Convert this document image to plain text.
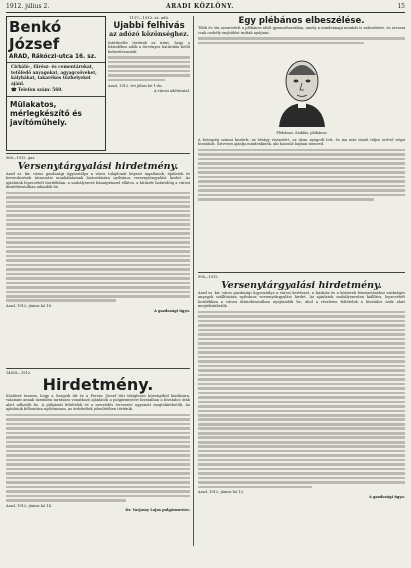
1912. július 2.	ARADI KÖZLÖNY.	15
Benkó József
ARAD, Rákóczi-utca 16. sz.
Cirkáló-, fűrész- és cementárukat, tetőfedő anyagokat, agyagcsöveket, kályhákat, takarékos tűzhelyeket ajánl.
☎ Telefon szám: 560.
Mülakatos, mérlegkészítő és javítóműhely.
1117—1912. sz. adó.
Ujabbi felhivás
az adózó közönséghez.
Intézkedés történik az iránt, hogy a hátralékos adók a törvényes határidőn belül befizettessenek.
Arad, 1912. évi július hó 1-én.
A városi adóhivatal.
Egy plébános elbeszélése.
Több év óta szenvedett a plébános idült gyomorhurutban, amely a mindennapi munkát is nehezítette, és orvosai csak csekély enyhülést tudtak nyújtani.
Plébános, Sziklás, plébános
A betegség szünni kezdett, az étvágy visszatért, az álom nyugodt lett, és ma már ismét teljes erővel végzi hivatását. Szívesen ajánlja mindenkinek, aki hasonló bajban szenved.
968—1912. gaz.
Versenytárgyalási hirdetmény.
Arad sz. kir. város gazdasági ügyosztálya a város tulajdonát képező ingatlanok, épületek és berendezések tatarozási munkálatainak biztosítására nyilvános versenytárgyalást hirdet. Az ajánlatok lepecsételt borítékban, a szabályszerű bánatpénzzel ellátva, a kitűzött határidőig a városi iktatóhivatalban adandók be.
Arad, 1912. június hó 18.
A gazdasági ügyo.
14618—1912.
Hirdetmény.
Közhírré teszem, hogy a Szegedi úti és a Ferenc József téri ideiglenes közvágóhíd kiadására, valamint annak üzemben tartására vonatkozó ajánlatok a polgármesteri hivatalban a hivatalos órák alatt adhatók be. A pályázati feltételek és a szerződés tervezete ugyanott megtekinthetők. Az ajánlatok felbontása nyilvánosan, az érdekeltek jelenlétében történik.
Arad, 1912. június hó 14.
Dr. Varjassy Lajos polgármester.
996—1912.
Versenytárgyalási hirdetmény.
Arad sz. kir. város gazdasági ügyosztálya a városi kertészet, a faiskola és a közterek fenntartásához szükséges anyagok szállítására nyilvános versenytárgyalást hirdet. Az ajánlatok szabályszerűen kiállítva, lepecsételt borítékban a városi iktatóhivatalban nyújtandók be, ahol a részletes feltételek a hivatalos órák alatt megtekinthetők.
Arad, 1912. június hó 13.
A gazdasági ügyo.
